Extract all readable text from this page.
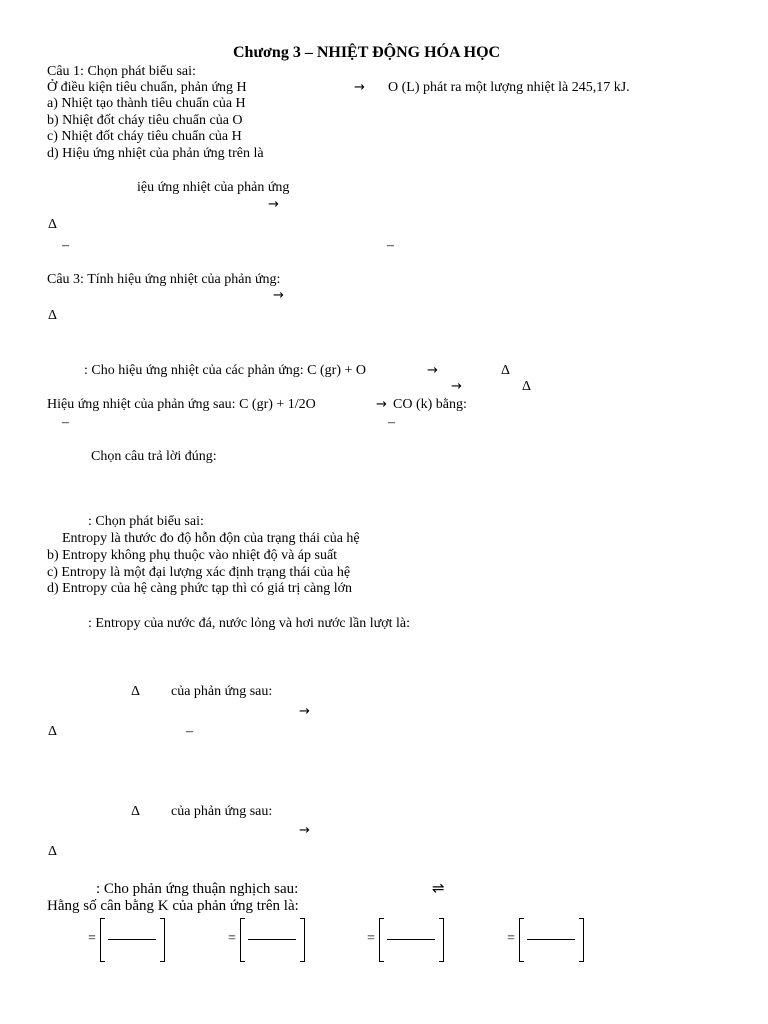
Chương 3 – NHIỆT ĐỘNG HÓA HỌC
Câu 1: Chọn phát biểu sai:
Ở điều kiện tiêu chuẩn, phản ứng H	→ O (L) phát ra một lượng nhiệt là 245,17 kJ.
a) Nhiệt tạo thành tiêu chuẩn của H
b) Nhiệt đốt cháy tiêu chuẩn của O
c) Nhiệt đốt cháy tiêu chuẩn của H
d) Hiệu ứng nhiệt của phản ứng trên là
iệu ứng nhiệt của phản ứng
→
Δ
–	–
Câu 3: Tính hiệu ứng nhiệt của phản ứng:
→
Δ
: Cho hiệu ứng nhiệt của các phản ứng: C (gr) + O	→	Δ
→	Δ
Hiệu ứng nhiệt của phản ứng sau: C (gr) + 1/2O	→ CO (k) bằng:
–	–
Chọn câu trả lời đúng:
: Chọn phát biểu sai:
Entropy là thước đo độ hỗn độn của trạng thái của hệ
b) Entropy không phụ thuộc vào nhiệt độ và áp suất
c) Entropy là một đại lượng xác định trạng thái của hệ
d) Entropy của hệ càng phức tạp thì có giá trị càng lớn
: Entropy của nước đá, nước lỏng và hơi nước lần lượt là:
Δ của phản ứng sau:
→
Δ	–
Δ của phản ứng sau:
→
Δ
: Cho phản ứng thuận nghịch sau:	⇌
Hằng số cân bằng K của phản ứng trên là:
=	=	=	=
